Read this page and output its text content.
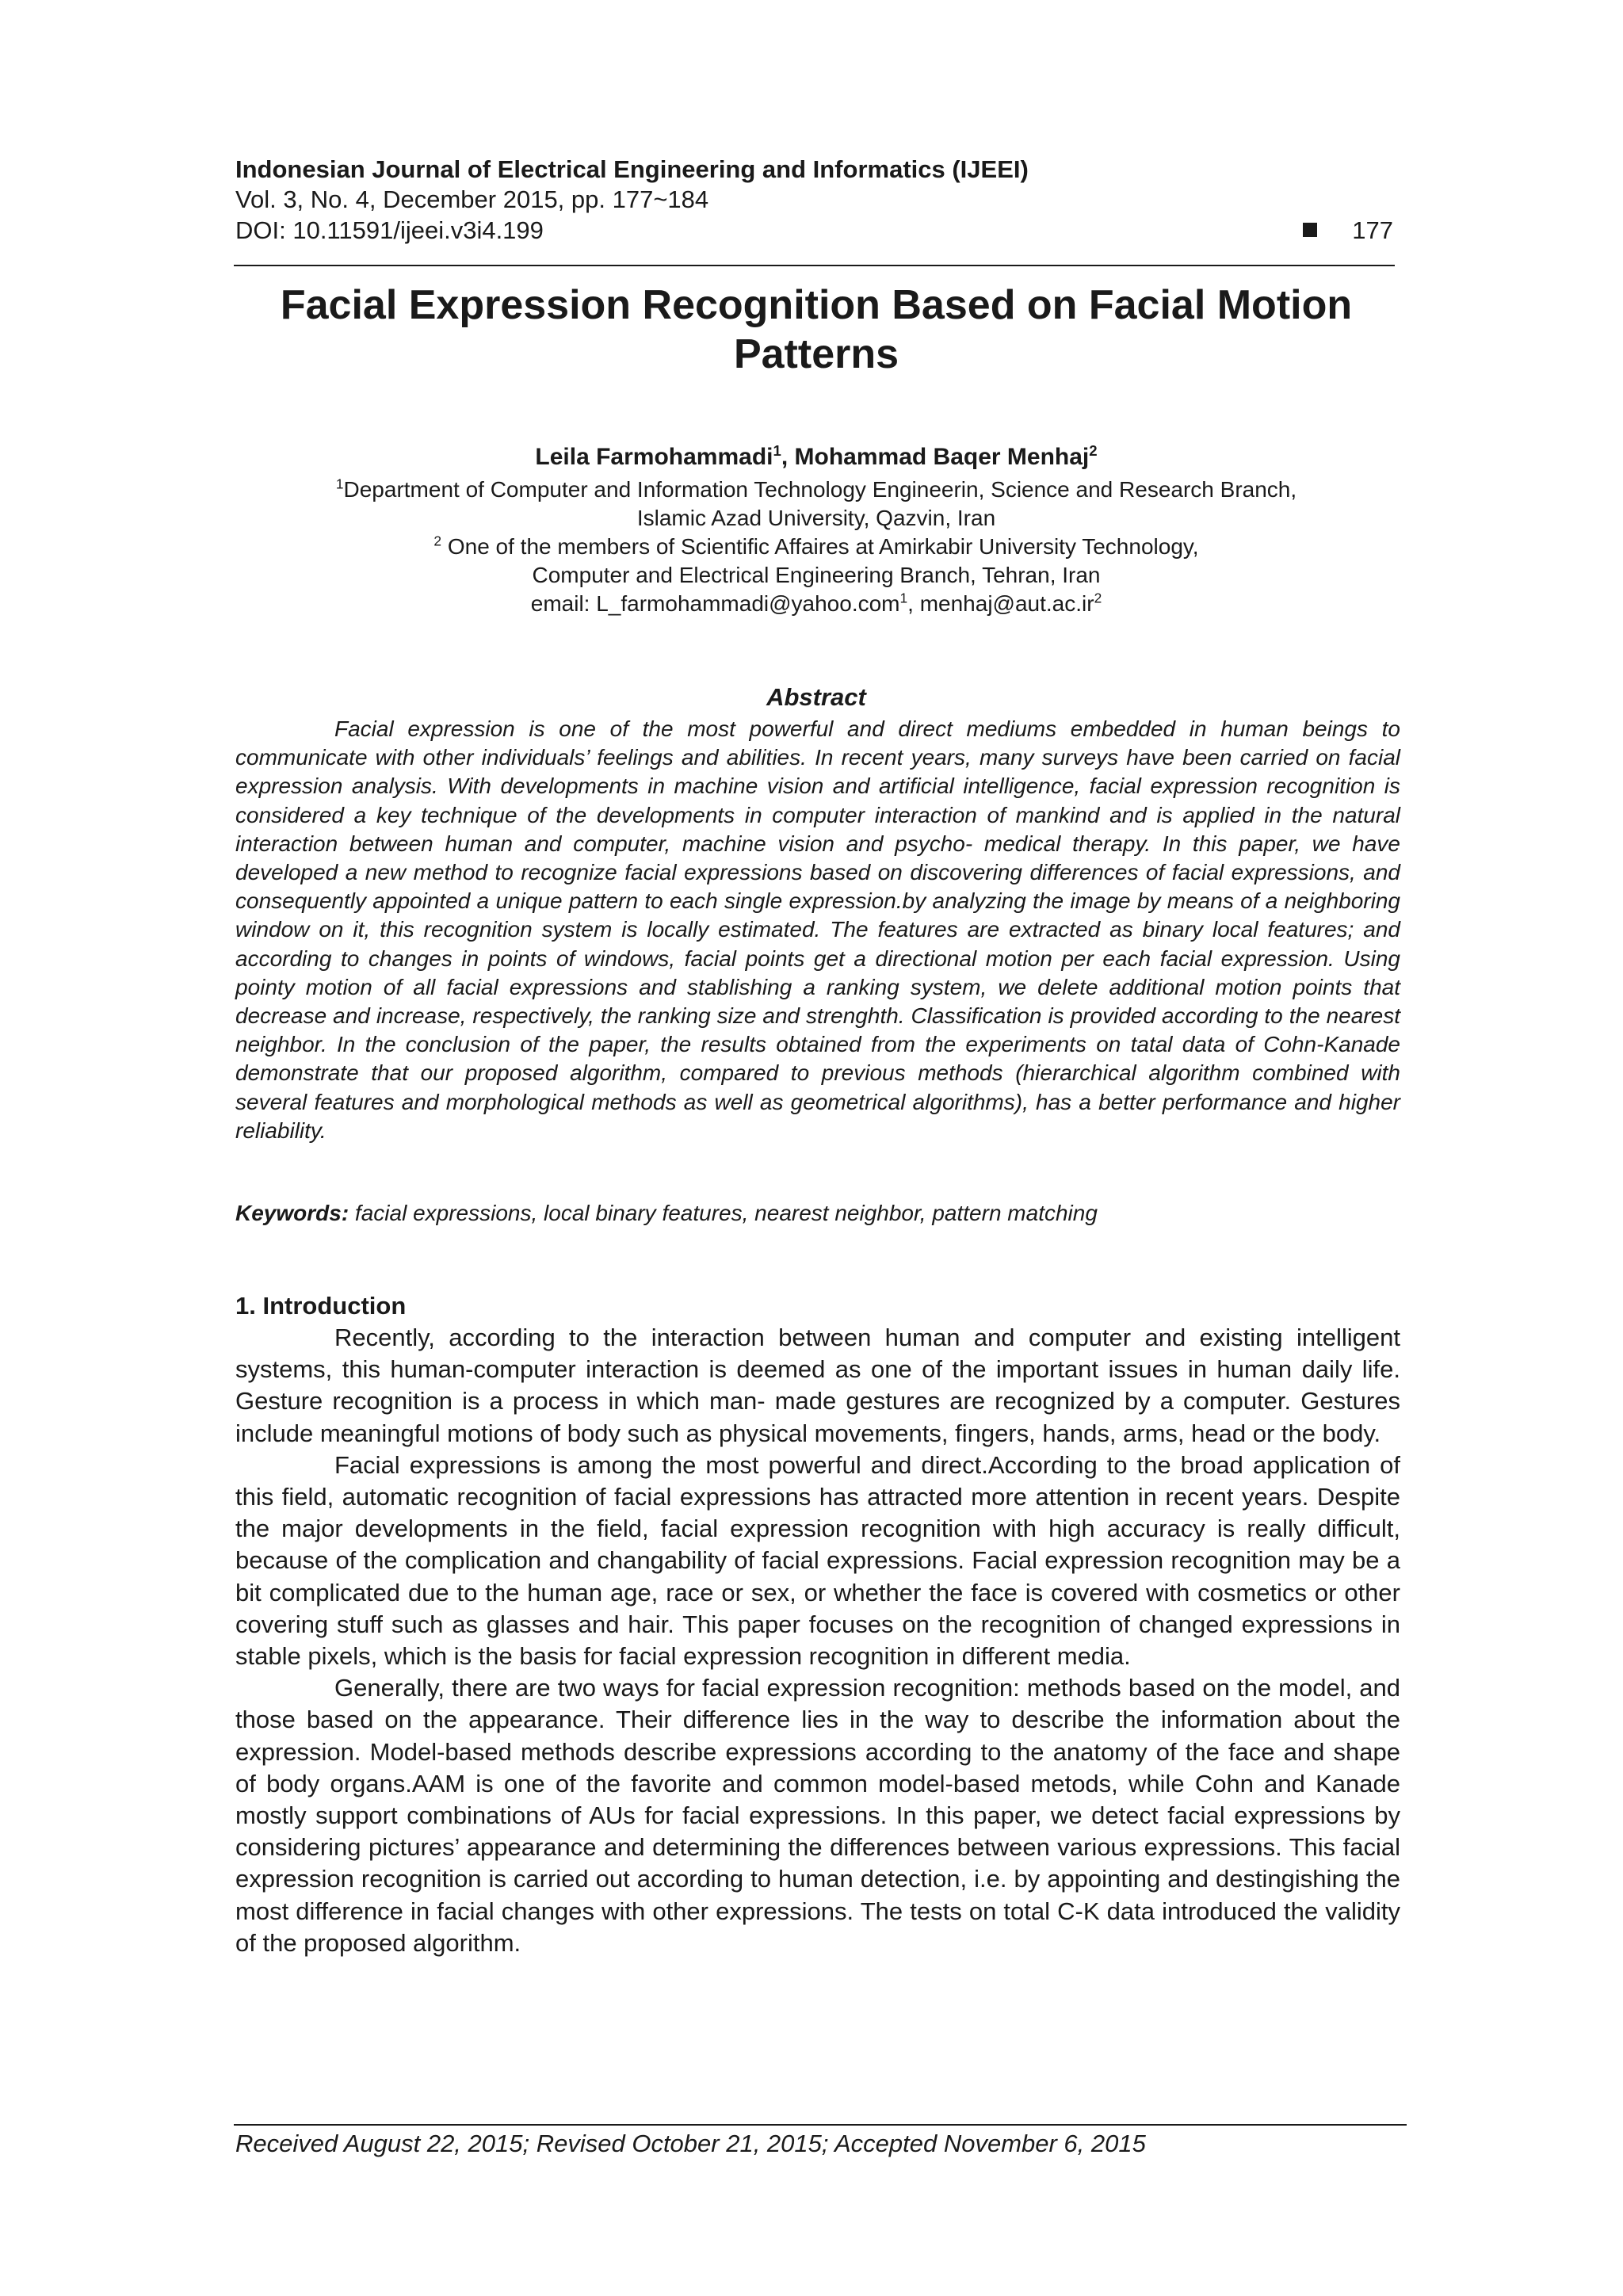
Indonesian Journal of Electrical Engineering and Informatics (IJEEI)
Vol. 3, No. 4, December 2015, pp. 177~184
DOI: 10.11591/ijeei.v3i4.199	177
Facial Expression Recognition Based on Facial Motion
Patterns
Leila Farmohammadi$^1$, Mohammad Baqer Menhaj$^2$
$^1$Department of Computer and Information Technology Engineerin, Science and Research Branch,
Islamic Azad University, Qazvin, Iran
$^2$ One of the members of Scientific Affaires at Amirkabir University Technology,
Computer and Electrical Engineering Branch, Tehran, Iran
email: L_farmohammadi@yahoo.com$^1$, $menhaj@aut.ac.ir^2$
Abstract
Facial expression is one of the most powerful and direct mediums embedded in human beings to communicate with other individuals’ feelings and abilities. In recent years, many surveys have been carried on facial expression analysis. With developments in machine vision and artificial intelligence, facial expression recognition is considered a key technique of the developments in computer interaction of mankind and is applied in the natural interaction between human and computer, machine vision and psycho- medical therapy. In this paper, we have developed a new method to recognize facial expressions based on discovering differences of facial expressions, and consequently appointed a unique pattern to each single expression.by analyzing the image by means of a neighboring window on it, this recognition system is locally estimated. The features are extracted as binary local features; and according to changes in points of windows, facial points get a directional motion per each facial expression. Using pointy motion of all facial expressions and stablishing a ranking system, we delete additional motion points that decrease and increase, respectively, the ranking size and strenghth. Classification is provided according to the nearest neighbor. In the conclusion of the paper, the results obtained from the experiments on tatal data of Cohn-Kanade demonstrate that our proposed algorithm, compared to previous methods (hierarchical algorithm combined with several features and morphological methods as well as geometrical algorithms), has a better performance and higher reliability.
Keywords: facial expressions, local binary features, nearest neighbor, pattern matching
1. Introduction

Recently, according to the interaction between human and computer and existing intelligent systems, this human-computer interaction is deemed as one of the important issues in human daily life. Gesture recognition is a process in which man- made gestures are recognized by a computer. Gestures include meaningful motions of body such as physical movements, fingers, hands, arms, head or the body.

Facial expressions is among the most powerful and direct.According to the broad application of this field, automatic recognition of facial expressions has attracted more attention in recent years. Despite the major developments in the field, facial expression recognition with high accuracy is really difficult, because of the complication and changability of facial expressions. Facial expression recognition may be a bit complicated due to the human age, race or sex, or whether the face is covered with cosmetics or other covering stuff such as glasses and hair. This paper focuses on the recognition of changed expressions in stable pixels, which is the basis for facial expression recognition in different media.

Generally, there are two ways for facial expression recognition: methods based on the model, and those based on the appearance. Their difference lies in the way to describe the information about the expression. Model-based methods describe expressions according to the anatomy of the face and shape of body organs.AAM is one of the favorite and common model-based metods, while Cohn and Kanade mostly support combinations of AUs for facial expressions. In this paper, we detect facial expressions by considering pictures’ appearance and determining the differences between various expressions. This facial expression recognition is carried out according to human detection, i.e. by appointing and destingishing the most difference in facial changes with other expressions. The tests on total C-K data introduced the validity of the proposed algorithm.

Received August 22, 2015; Revised October 21, 2015; Accepted November 6, 2015
